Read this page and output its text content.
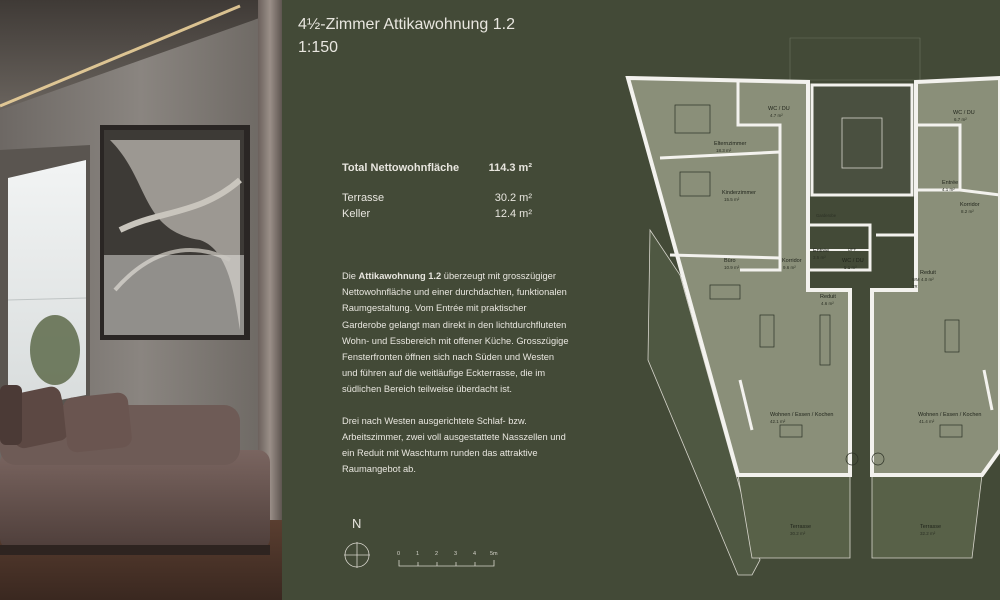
4½-Zimmer Attikawohnung 1.2
1:150
Total Nettowohnfläche	114.3 m²
Terrasse	30.2 m²
Keller	12.4 m²

Die Attikawohnung 1.2 überzeugt mit grosszügiger Nettowohnfläche und einer durchdachten, funktionalen Raumgestaltung. Vom Entrée mit praktischer Garderobe gelangt man direkt in den lichtdurchfluteten Wohn- und Essbereich mit offener Küche. Grosszügige Fensterfronten öffnen sich nach Süden und Westen und führen auf die weitläufige Eckterrasse, die im südlichen Bereich teilweise überdacht ist.

Drei nach Westen ausgerichtete Schlaf- bzw. Arbeitszimmer, zwei voll ausgestattete Nasszellen und ein Reduit mit Waschturm runden das attraktive Raumangebot ab.

N
0	1	2	3	4	5m
Elternzimmer
18.3 m²
Kinderzimmer
15.5 m²
Büro
10.9 m²
WC / DU
4.7 m²
Korridor
9.6 m²
Entrée
3.5 m²
WC / DU
5.1 m²
Reduit
4.6 m²
Wohnen / Essen / Kochen
42.1 m²
Terrasse
30.2 m²
WC / DU
6.7 m²
Entrée
4.1 m²
Korridor
8.2 m²
Reduit
4.0 m²
Wohnen / Essen / Kochen
41.4 m²
Terrasse
32.2 m²
Garderobe
WM
TR
DFF
